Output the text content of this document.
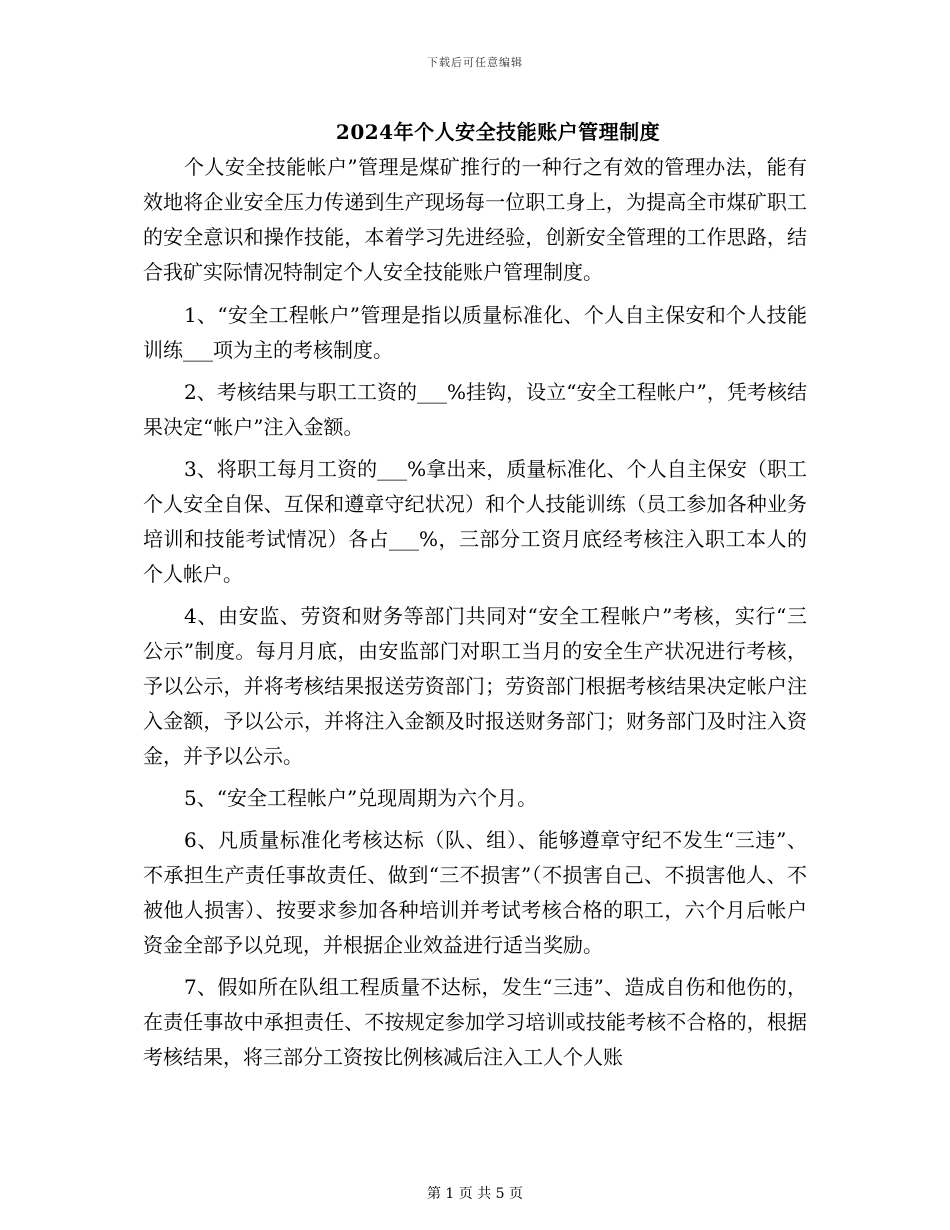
下载后可任意编辑
2024年个人安全技能账户管理制度

个人安全技能帐户”管理是煤矿推行的一种行之有效的管理办法，能有效地将企业安全压力传递到生产现场每一位职工身上，为提高全市煤矿职工的安全意识和操作技能，本着学习先进经验，创新安全管理的工作思路，结合我矿实际情况特制定个人安全技能账户管理制度。

1、“安全工程帐户”管理是指以质量标准化、个人自主保安和个人技能训练___项为主的考核制度。

2、考核结果与职工工资的___%挂钩，设立“安全工程帐户”，凭考核结果决定“帐户”注入金额。

3、将职工每月工资的___%拿出来，质量标准化、个人自主保安（职工个人安全自保、互保和遵章守纪状况）和个人技能训练（员工参加各种业务培训和技能考试情况）各占___%，三部分工资月底经考核注入职工本人的个人帐户。

4、由安监、劳资和财务等部门共同对“安全工程帐户”考核，实行“三公示”制度。每月月底，由安监部门对职工当月的安全生产状况进行考核，予以公示，并将考核结果报送劳资部门；劳资部门根据考核结果决定帐户注入金额，予以公示，并将注入金额及时报送财务部门；财务部门及时注入资金，并予以公示。

5、“安全工程帐户”兑现周期为六个月。

6、凡质量标准化考核达标（队、组）、能够遵章守纪不发生“三违”、不承担生产责任事故责任、做到“三不损害”（不损害自己、不损害他人、不被他人损害）、按要求参加各种培训并考试考核合格的职工，六个月后帐户资金全部予以兑现，并根据企业效益进行适当奖励。

7、假如所在队组工程质量不达标，发生“三违”、造成自伤和他伤的，在责任事故中承担责任、不按规定参加学习培训或技能考核不合格的，根据考核结果，将三部分工资按比例核减后注入工人个人账

第 1 页 共 5 页
